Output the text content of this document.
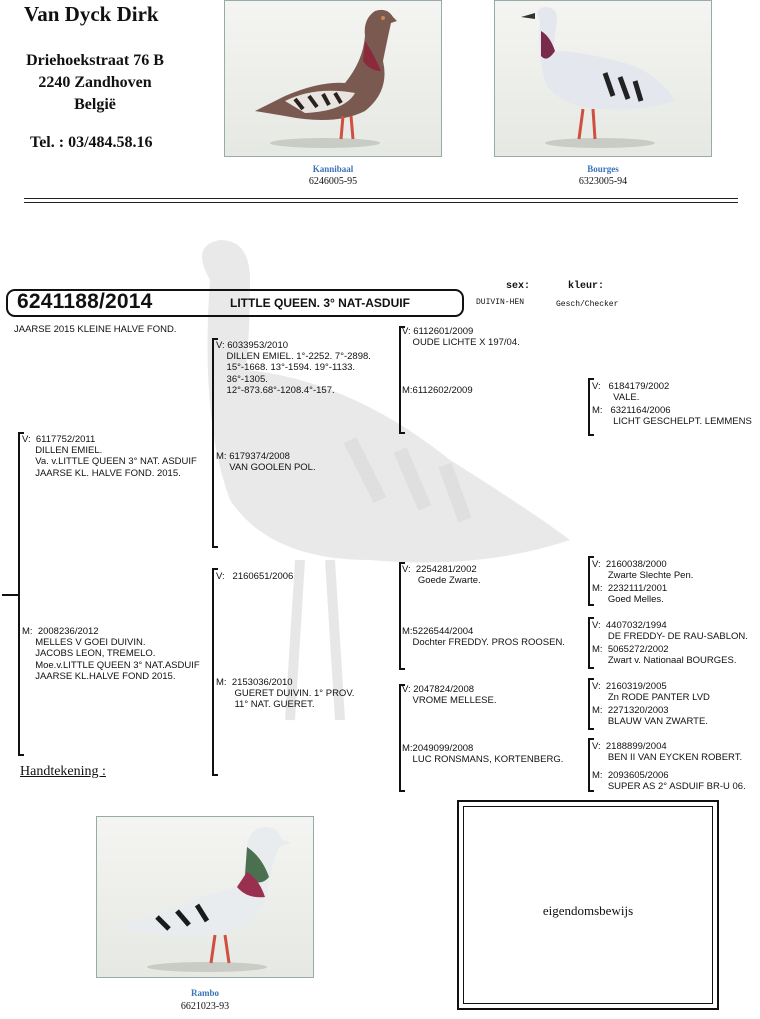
Van Dyck Dirk
Driehoekstraat 76 B
2240 Zandhoven
België
Tel. : 03/484.58.16
Kannibaal
6246005-95
Bourges
6323005-94
6241188/2014	LITTLE QUEEN. 3° NAT-ASDUIF
sex:
DUIVIN-HEN
kleur:
Gesch/Checker
JAARSE 2015 KLEINE HALVE FOND.
V:  6117752/2011
DILLEN EMIEL.
Va. v.LITTLE QUEEN 3° NAT. ASDUIF
JAARSE KL. HALVE FOND. 2015.
M:  2008236/2012
MELLES V GOEI DUIVIN.
JACOBS LEON, TREMELO.
Moe.v.LITTLE QUEEN 3° NAT.ASDUIF
JAARSE KL.HALVE FOND 2015.
V: 6033953/2010
DILLEN EMIEL. 1°-2252. 7°-2898.
15°-1668. 13°-1594. 19°-1133.
36°-1305.
12°-873.68°-1208.4°-157.
M: 6179374/2008
VAN GOOLEN POL.
V:   2160651/2006
M:  2153036/2010
GUERET DUIVIN. 1° PROV.
11° NAT. GUERET.
V: 6112601/2009
OUDE LICHTE X 197/04.
M:6112602/2009
V:  2254281/2002
Goede Zwarte.
M:5226544/2004
Dochter FREDDY. PROS ROOSEN.
V: 2047824/2008
VROME MELLESE.
M:2049099/2008
LUC RONSMANS, KORTENBERG.
V:   6184179/2002
VALE.
M:   6321164/2006
LICHT GESCHELPT. LEMMENS
V:  2160038/2000
Zwarte Slechte Pen.
M:  2232111/2001
Goed Melles.
V:  4407032/1994
DE FREDDY- DE RAU-SABLON.
M:  5065272/2002
Zwart v. Nationaal BOURGES.
V:  2160319/2005
Zn RODE PANTER LVD
M:  2271320/2003
BLAUW VAN ZWARTE.
V:  2188899/2004
BEN II VAN EYCKEN ROBERT.
M:  2093605/2006
SUPER AS 2° ASDUIF BR-U 06.
Handtekening :
Rambo
6621023-93
eigendomsbewijs
